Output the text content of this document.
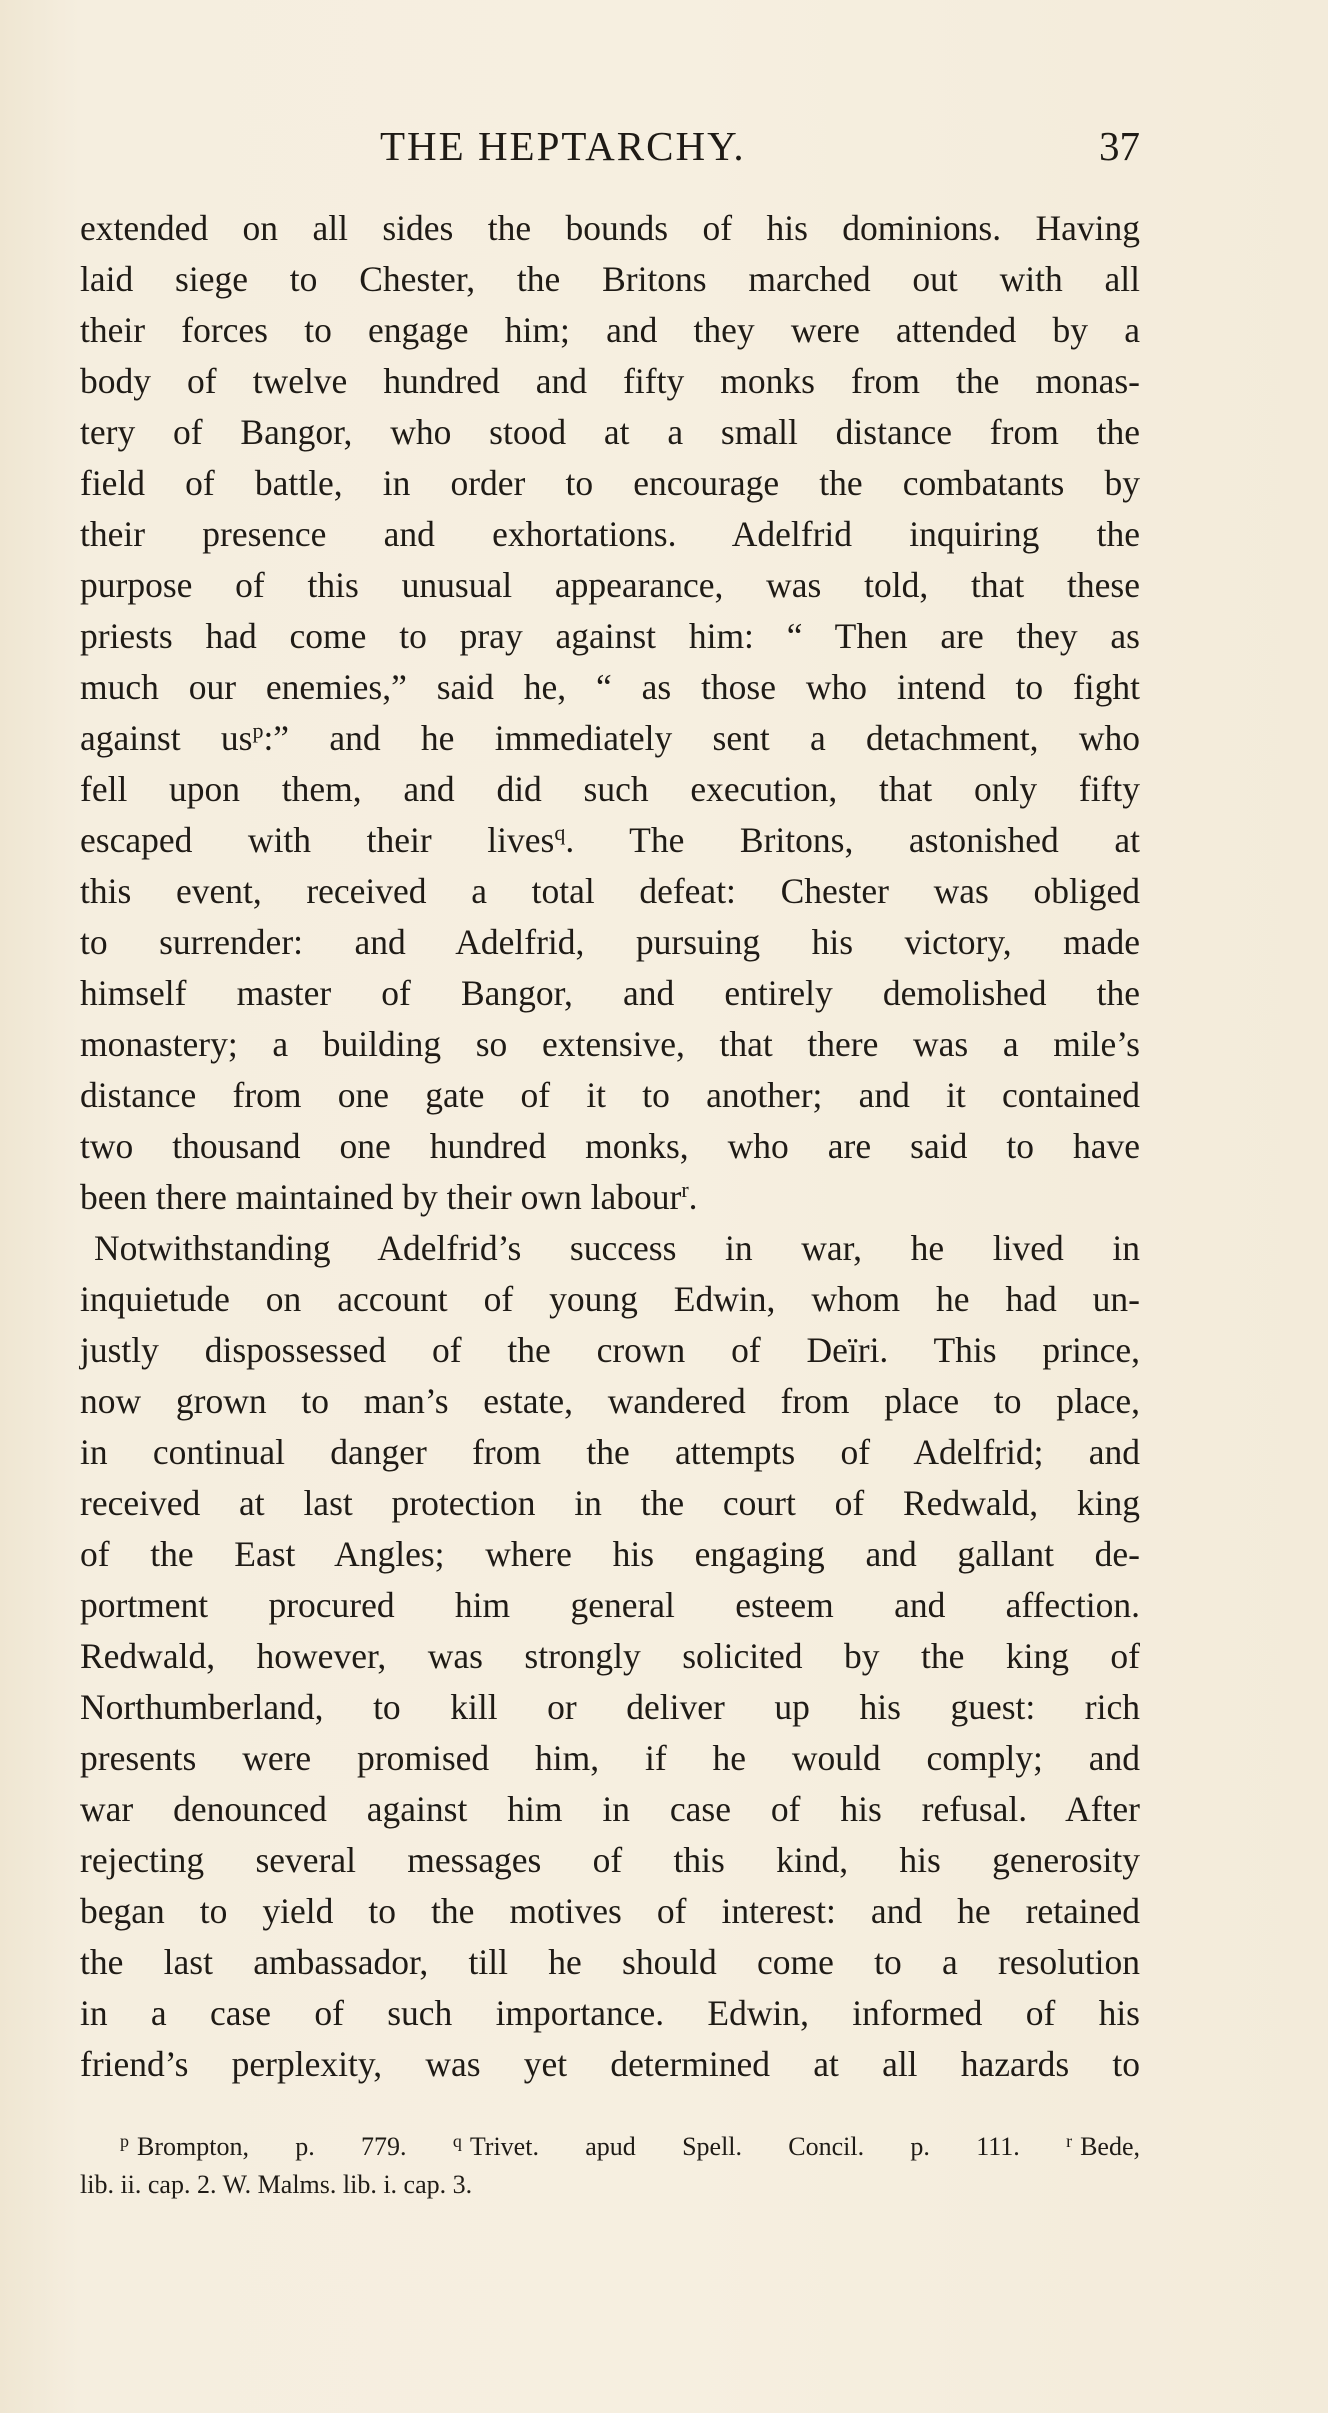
THE HEPTARCHY.	37
extended on all sides the bounds of his dominions. Having
laid siege to Chester, the Britons marched out with all
their forces to engage him; and they were attended by a
body of twelve hundred and fifty monks from the monas-
tery of Bangor, who stood at a small distance from the
field of battle, in order to encourage the combatants by
their presence and exhortations. Adelfrid inquiring the
purpose of this unusual appearance, was told, that these
priests had come to pray against him: “ Then are they as
much our enemies,” said he, “ as those who intend to fight
against $us^p$:” and he immediately sent a detachment, who
fell upon them, and did such execution, that only fifty
escaped with their lives$^q$. The Britons, astonished at
this event, received a total defeat: Chester was obliged
to surrender: and Adelfrid, pursuing his victory, made
himself master of Bangor, and entirely demolished the
monastery; a building so extensive, that there was a mile’s
distance from one gate of it to another; and it contained
two thousand one hundred monks, who are said to have
been there maintained by their own labour$^r$.
Notwithstanding Adelfrid’s success in war, he lived in
inquietude on account of young Edwin, whom he had un-
justly dispossessed of the crown of Deïri. This prince,
now grown to man’s estate, wandered from place to place,
in continual danger from the attempts of Adelfrid; and
received at last protection in the court of Redwald, king
of the East Angles; where his engaging and gallant de-
portment procured him general esteem and affection.
Redwald, however, was strongly solicited by the king of
Northumberland, to kill or deliver up his guest: rich
presents were promised him, if he would comply; and
war denounced against him in case of his refusal. After
rejecting several messages of this kind, his generosity
began to yield to the motives of interest: and he retained
the last ambassador, till he should come to a resolution
in a case of such importance. Edwin, informed of his
friend’s perplexity, was yet determined at all hazards to
$^p$ Brompton, p. 779.	$^q$ Trivet. apud Spell. Concil. p. 111.	$^r$ Bede,
lib. ii. cap. 2. W. Malms. lib. i. cap. 3.
